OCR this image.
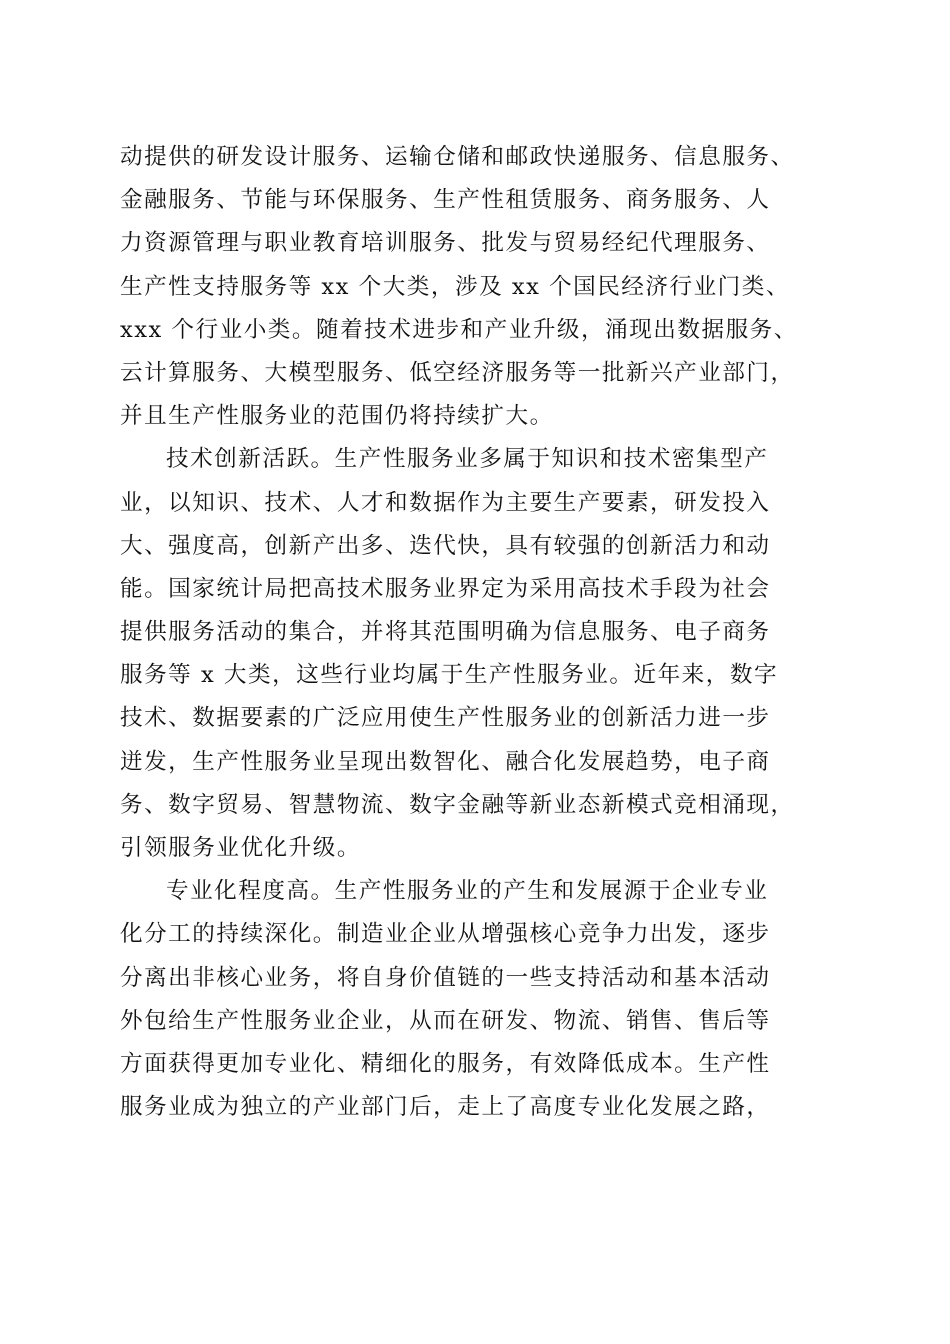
动提供的研发设计服务、运输仓储和邮政快递服务、信息服务、
金融服务、节能与环保服务、生产性租赁服务、商务服务、人
力资源管理与职业教育培训服务、批发与贸易经纪代理服务、
生产性支持服务等 xx 个大类，涉及 xx 个国民经济行业门类、
xxx 个行业小类。随着技术进步和产业升级，涌现出数据服务、
云计算服务、大模型服务、低空经济服务等一批新兴产业部门，
并且生产性服务业的范围仍将持续扩大。
技术创新活跃。生产性服务业多属于知识和技术密集型产
业，以知识、技术、人才和数据作为主要生产要素，研发投入
大、强度高，创新产出多、迭代快，具有较强的创新活力和动
能。国家统计局把高技术服务业界定为采用高技术手段为社会
提供服务活动的集合，并将其范围明确为信息服务、电子商务
服务等 x 大类，这些行业均属于生产性服务业。近年来，数字
技术、数据要素的广泛应用使生产性服务业的创新活力进一步
迸发，生产性服务业呈现出数智化、融合化发展趋势，电子商
务、数字贸易、智慧物流、数字金融等新业态新模式竞相涌现，
引领服务业优化升级。
专业化程度高。生产性服务业的产生和发展源于企业专业
化分工的持续深化。制造业企业从增强核心竞争力出发，逐步
分离出非核心业务，将自身价值链的一些支持活动和基本活动
外包给生产性服务业企业，从而在研发、物流、销售、售后等
方面获得更加专业化、精细化的服务，有效降低成本。生产性
服务业成为独立的产业部门后，走上了高度专业化发展之路，
